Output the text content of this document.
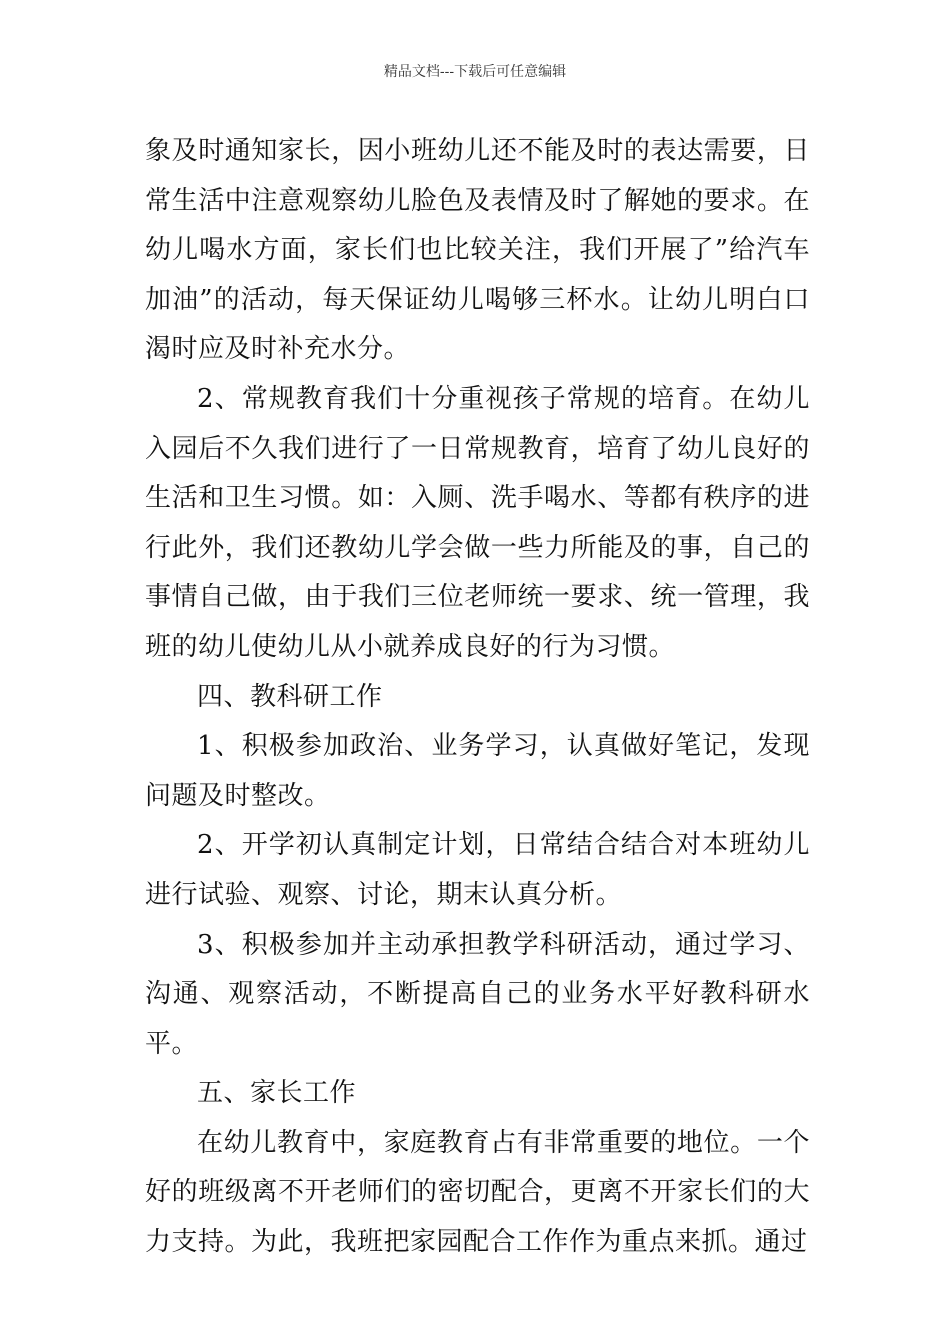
精品文档---下载后可任意编辑

象及时通知家长，因小班幼儿还不能及时的表达需要，日常生活中注意观察幼儿脸色及表情及时了解她的要求。在幼儿喝水方面，家长们也比较关注，我们开展了”给汽车加油”的活动，每天保证幼儿喝够三杯水。让幼儿明白口渴时应及时补充水分。

2、常规教育我们十分重视孩子常规的培育。在幼儿入园后不久我们进行了一日常规教育，培育了幼儿良好的生活和卫生习惯。如：入厕、洗手喝水、等都有秩序的进行此外，我们还教幼儿学会做一些力所能及的事，自己的事情自己做，由于我们三位老师统一要求、统一管理，我班的幼儿使幼儿从小就养成良好的行为习惯。

四、教科研工作

1、积极参加政治、业务学习，认真做好笔记，发现问题及时整改。

2、开学初认真制定计划，日常结合结合对本班幼儿进行试验、观察、讨论，期末认真分析。

3、积极参加并主动承担教学科研活动，通过学习、沟通、观察活动，不断提高自己的业务水平好教科研水平。

五、家长工作

在幼儿教育中，家庭教育占有非常重要的地位。一个好的班级离不开老师们的密切配合，更离不开家长们的大力支持。为此，我班把家园配合工作作为重点来抓。通过
